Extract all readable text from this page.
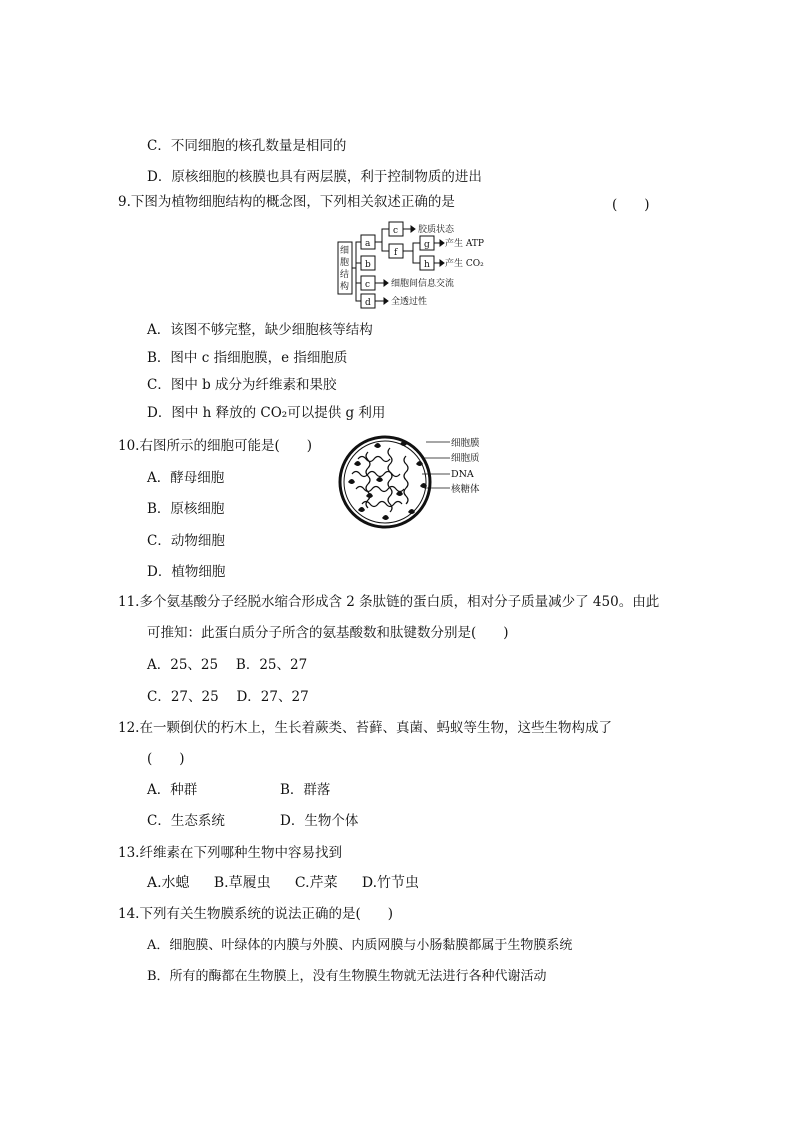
C．不同细胞的核孔数量是相同的
D．原核细胞的核膜也具有两层膜，利于控制物质的进出
9.下图为植物细胞结构的概念图，下列相关叙述正确的是	(　　)
细
胞
结
构
a
b
c
d
c
f
g
h
胶质状态
产生 ATP
产生 CO₂
细胞间信息交流
全透过性
A．该图不够完整，缺少细胞核等结构
B．图中 c 指细胞膜，e 指细胞质
C．图中 b 成分为纤维素和果胶
D．图中 h 释放的 CO₂可以提供 g 利用
10.右图所示的细胞可能是(　　)	细胞膜
细胞质
DNA
核糖体
A．酵母细胞
B．原核细胞
C．动物细胞
D．植物细胞
11.多个氨基酸分子经脱水缩合形成含 2 条肽链的蛋白质，相对分子质量减少了 450。由此
可推知：此蛋白质分子所含的氨基酸数和肽键数分别是(　　)
A．25、25　 B．25、27
C．27、25　 D．27、27
12.在一颗倒伏的朽木上，生长着蕨类、苔藓、真菌、蚂蚁等生物，这些生物构成了
(　　)
A．种群	B．群落
C．生态系统	D．生物个体
13.纤维素在下列哪种生物中容易找到
A.水螅 B.草履虫 C.芹菜 D.竹节虫
14.下列有关生物膜系统的说法正确的是(　　)
A．细胞膜、叶绿体的内膜与外膜、内质网膜与小肠黏膜都属于生物膜系统
B．所有的酶都在生物膜上，没有生物膜生物就无法进行各种代谢活动
